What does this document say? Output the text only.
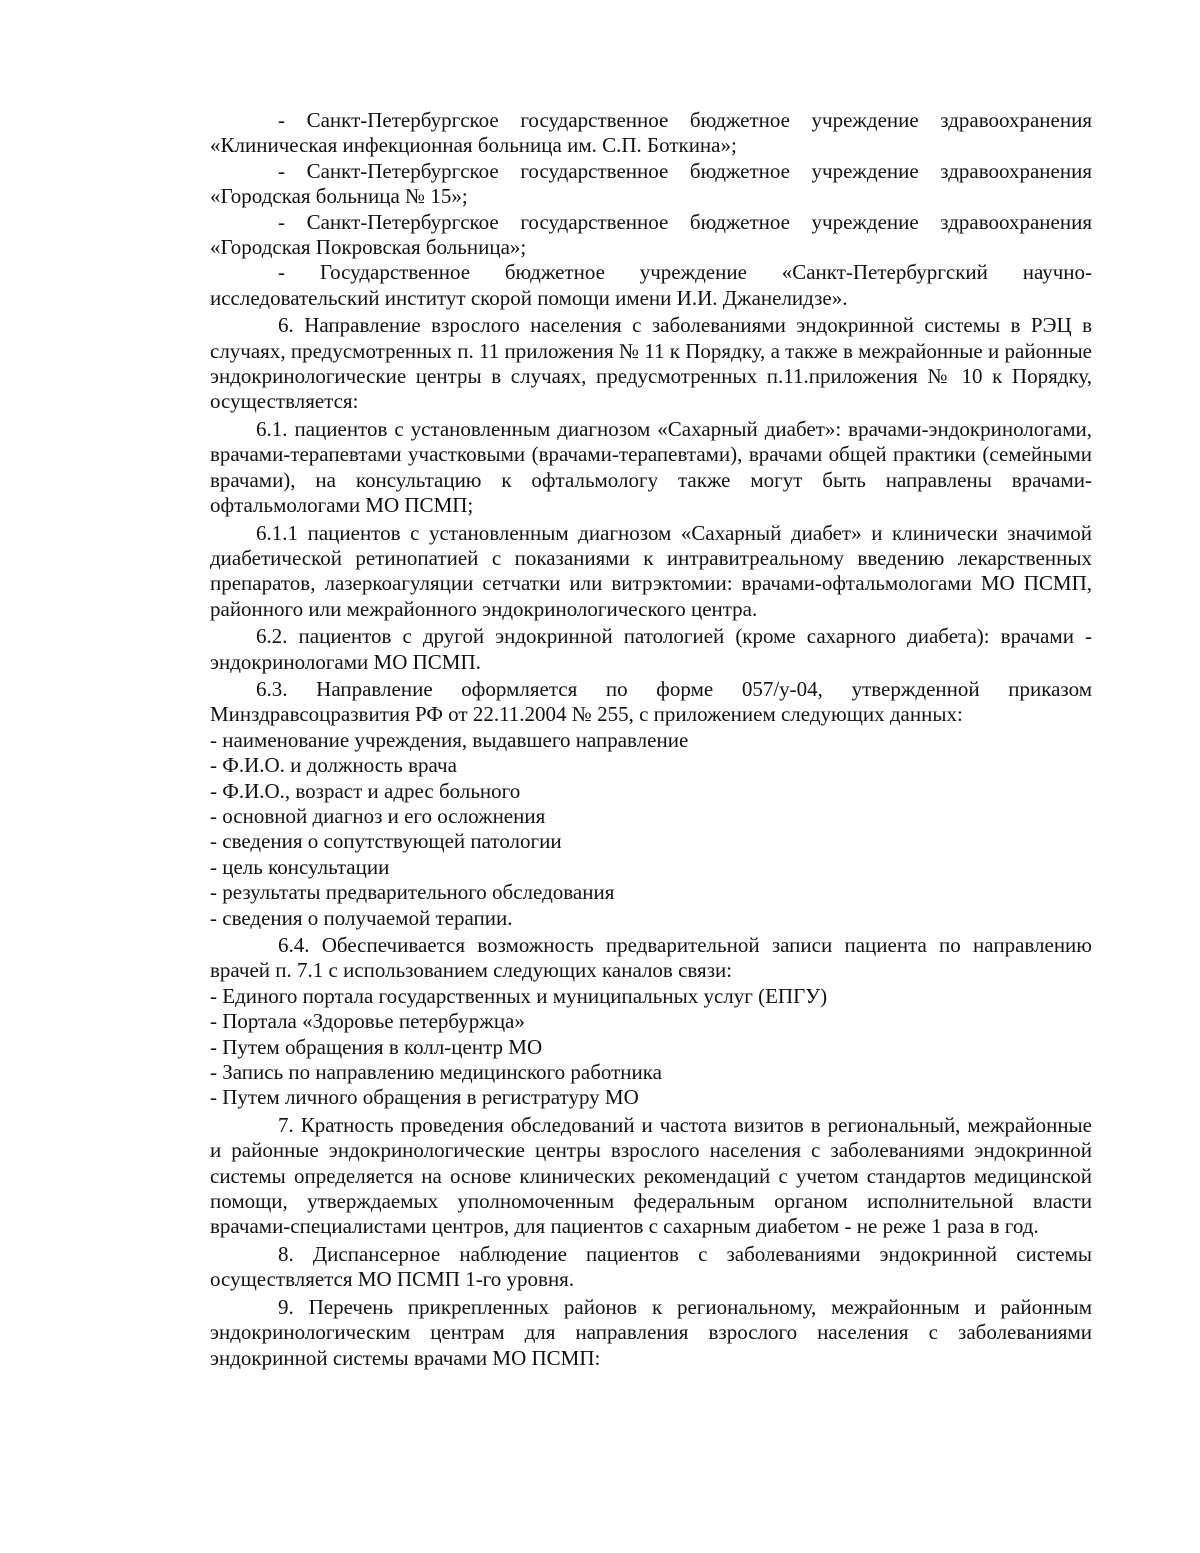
- Санкт-Петербургское государственное бюджетное учреждение здравоохранения «Клиническая инфекционная больница им. С.П. Боткина»;

- Санкт-Петербургское государственное бюджетное учреждение здравоохранения «Городская больница № 15»;

- Санкт-Петербургское государственное бюджетное учреждение здравоохранения «Городская Покровская больница»;

- Государственное бюджетное учреждение «Санкт-Петербургский научно-исследовательский институт скорой помощи имени И.И. Джанелидзе».

6. Направление взрослого населения с заболеваниями эндокринной системы в РЭЦ в случаях, предусмотренных п. 11 приложения № 11 к Порядку, а также в межрайонные и районные эндокринологические центры в случаях, предусмотренных п.11.приложения № 10 к Порядку, осуществляется:

6.1. пациентов с установленным диагнозом «Сахарный диабет»: врачами-эндокринологами, врачами-терапевтами участковыми (врачами-терапевтами), врачами общей практики (семейными врачами), на консультацию к офтальмологу также могут быть направлены врачами-офтальмологами МО ПСМП;

6.1.1 пациентов с установленным диагнозом «Сахарный диабет» и клинически значимой диабетической ретинопатией с показаниями к интравитреальному введению лекарственных препаратов, лазеркоагуляции сетчатки или витрэктомии: врачами-офтальмологами МО ПСМП, районного или межрайонного эндокринологического центра.

6.2. пациентов с другой эндокринной патологией (кроме сахарного диабета): врачами - эндокринологами МО ПСМП.

6.3. Направление оформляется по форме 057/у-04, утвержденной приказом Минздравсоцразвития РФ от 22.11.2004 № 255, с приложением следующих данных:

- наименование учреждения, выдавшего направление

- Ф.И.О. и должность врача

- Ф.И.О., возраст и адрес больного

- основной диагноз и его осложнения

- сведения о сопутствующей патологии

- цель консультации

- результаты предварительного обследования

- сведения о получаемой терапии.

6.4. Обеспечивается возможность предварительной записи пациента по направлению врачей п. 7.1 с использованием следующих каналов связи:

- Единого портала государственных и муниципальных услуг (ЕПГУ)

- Портала «Здоровье петербуржца»

- Путем обращения в колл-центр МО

- Запись по направлению медицинского работника

- Путем личного обращения в регистратуру МО

7. Кратность проведения обследований и частота визитов в региональный, межрайонные и районные эндокринологические центры взрослого населения с заболеваниями эндокринной системы определяется на основе клинических рекомендаций с учетом стандартов медицинской помощи, утверждаемых уполномоченным федеральным органом исполнительной власти врачами-специалистами центров, для пациентов с сахарным диабетом - не реже 1 раза в год.

8. Диспансерное наблюдение пациентов с заболеваниями эндокринной системы осуществляется МО ПСМП 1-го уровня.

9. Перечень прикрепленных районов к региональному, межрайонным и районным эндокринологическим центрам для направления взрослого населения с заболеваниями эндокринной системы врачами МО ПСМП:
